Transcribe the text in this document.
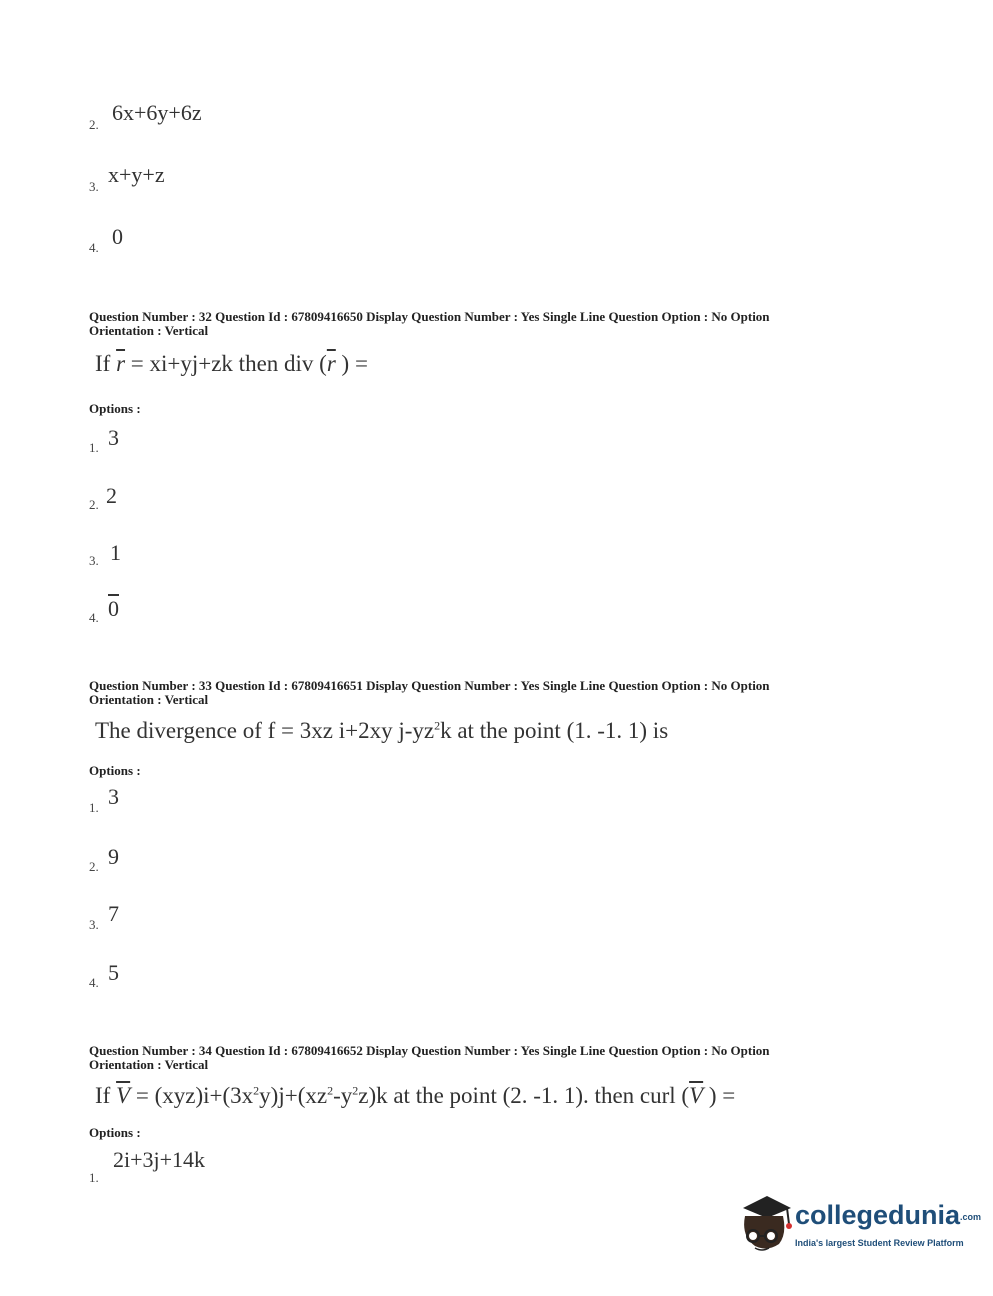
2. 6x+6y+6z
3. x+y+z
4. 0
Question Number : 32 Question Id : 67809416650 Display Question Number : Yes Single Line Question Option : No Option
Orientation : Vertical
If $\overline{r} = xi+yj+zk$ then div ($\overline{r}$ ) =
Options :
1. 3
2. 2
3. 1
4. 0
Question Number : 33 Question Id : 67809416651 Display Question Number : Yes Single Line Question Option : No Option
Orientation : Vertical
The divergence of f = 3xz i+2xy $j-yz^2k$ at the point (1. -1. 1) is
Options :
1. 3
2. 9
3. 7
4. 5
Question Number : 34 Question Id : 67809416652 Display Question Number : Yes Single Line Question Option : No Option
Orientation : Vertical
If $\overline{V} = (xyz)i+(3x^2y)j+(xz^2-y^2z)k$ at the point (2. -1. 1). then curl ($\overline{V}$ ) =
Options :
1.
2i+3j+14k
collegedunia.com
India's largest Student Review Platform
